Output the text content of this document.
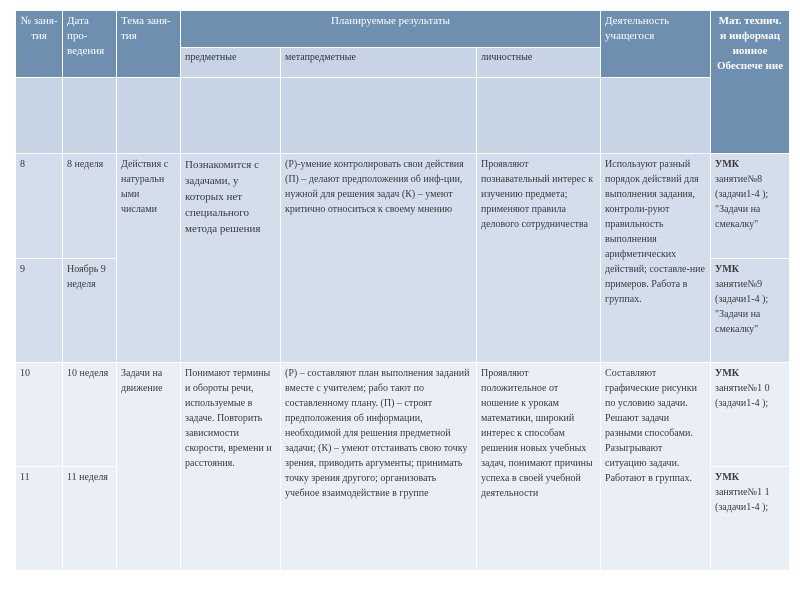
№ заня-тия	Дата про-ведения	Тема заня-тия	Планируемые результаты			Деятельность учащегося	Мат. технич. и информац ионное Обеспече ние
			предметные	метапредметные	личностные		

8	8 неделя	Действия с натуральн ыми числами	Познакомится с задачами, у которых нет специального метода решения	(Р)-умение контролировать свои действия (П) – делают предположения об инф-ции, нужной для решения задач (К) – умеют критично относиться к своему мнению	Проявляют познавательный интерес к изучению предмета; применяют правила делового сотрудничества	Используют разный порядок действий для выполнения задания, контроли-руют правильность выполнения арифметических действий; составле-ние примеров. Работа в группах.	УМК занятие№8 (задачи1-4 ); "Задачи на смекалку"
9	Ноябрь 9 неделя						УМК занятие№9 (задачи1-4 ); "Задачи на смекалку"
10	10 неделя	Задачи на движение	Понимают термины и обороты речи, используемые в задаче. Повторить зависимости скорости, времени и расстояния.	(Р) – составляют план выполнения заданий вместе с учителем; рабо тают по составленному плану. (П) – строят предположения об информации, необходимой для решения предметной задачи; (К) – умеют отстаивать свою точку зрения, приводить аргументы; принимать точку зрения другого; организовать учебное взаимодействие в группе	Проявляют положительное от ношение к урокам математики, широкий интерес к способам решения новых учебных задач, понимают причины успеха в своей учебной деятельности	Составляют графические рисунки по условию задачи. Решают задачи разными способами. Разыгрывают ситуацию задачи. Работают в группах.	УМК занятие№1 0 (задачи1-4 );
11	11 неделя						УМК занятие№1 1 (задачи1-4 );
